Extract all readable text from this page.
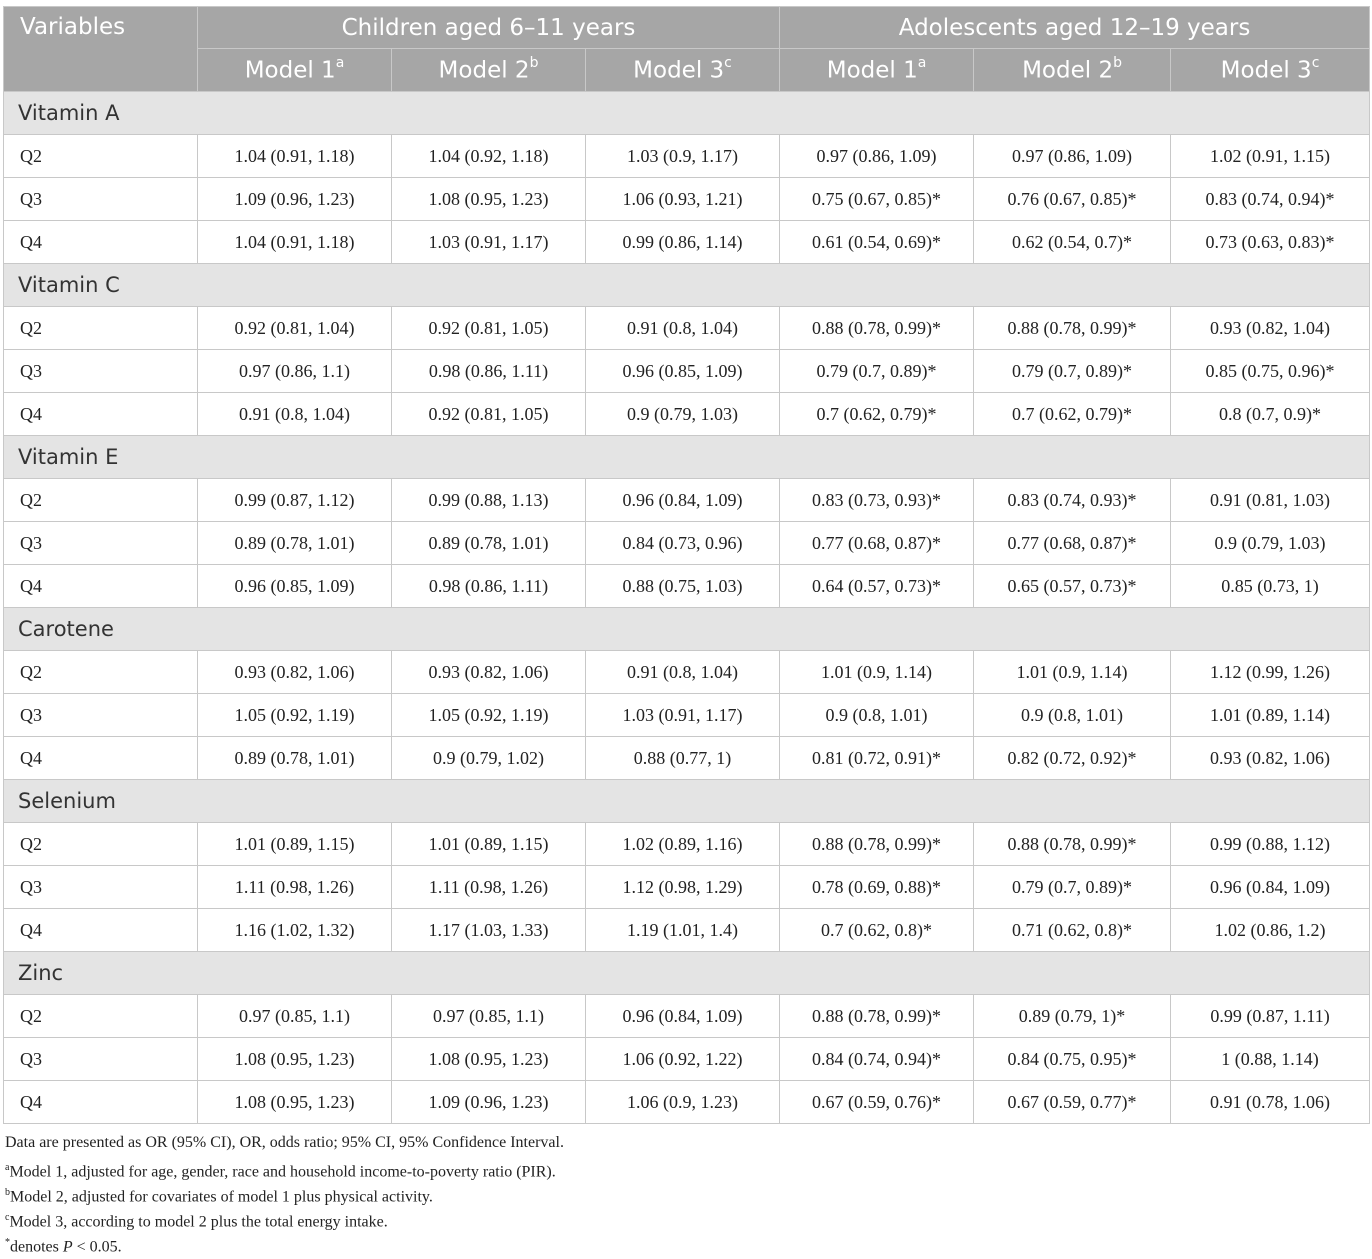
Variables	Children aged 6–11 years			Adolescents aged 12–19 years		
	Model 1$^a$	Model 2$^b$	Model 3$^c$	Model 1$^a$	Model 2$^b$	Model 3$^c$
Vitamin A						
Q2	1.04 (0.91, 1.18)	1.04 (0.92, 1.18)	1.03 (0.9, 1.17)	0.97 (0.86, 1.09)	0.97 (0.86, 1.09)	1.02 (0.91, 1.15)
Q3	1.09 (0.96, 1.23)	1.08 (0.95, 1.23)	1.06 (0.93, 1.21)	0.75 (0.67, 0.85)*	0.76 (0.67, 0.85)*	0.83 (0.74, 0.94)*
Q4	1.04 (0.91, 1.18)	1.03 (0.91, 1.17)	0.99 (0.86, 1.14)	0.61 (0.54, 0.69)*	0.62 (0.54, 0.7)*	0.73 (0.63, 0.83)*
Vitamin C						
Q2	0.92 (0.81, 1.04)	0.92 (0.81, 1.05)	0.91 (0.8, 1.04)	0.88 (0.78, 0.99)*	0.88 (0.78, 0.99)*	0.93 (0.82, 1.04)
Q3	0.97 (0.86, 1.1)	0.98 (0.86, 1.11)	0.96 (0.85, 1.09)	0.79 (0.7, 0.89)*	0.79 (0.7, 0.89)*	0.85 (0.75, 0.96)*
Q4	0.91 (0.8, 1.04)	0.92 (0.81, 1.05)	0.9 (0.79, 1.03)	0.7 (0.62, 0.79)*	0.7 (0.62, 0.79)*	0.8 (0.7, 0.9)*
Vitamin E						
Q2	0.99 (0.87, 1.12)	0.99 (0.88, 1.13)	0.96 (0.84, 1.09)	0.83 (0.73, 0.93)*	0.83 (0.74, 0.93)*	0.91 (0.81, 1.03)
Q3	0.89 (0.78, 1.01)	0.89 (0.78, 1.01)	0.84 (0.73, 0.96)	0.77 (0.68, 0.87)*	0.77 (0.68, 0.87)*	0.9 (0.79, 1.03)
Q4	0.96 (0.85, 1.09)	0.98 (0.86, 1.11)	0.88 (0.75, 1.03)	0.64 (0.57, 0.73)*	0.65 (0.57, 0.73)*	0.85 (0.73, 1)
Carotene						
Q2	0.93 (0.82, 1.06)	0.93 (0.82, 1.06)	0.91 (0.8, 1.04)	1.01 (0.9, 1.14)	1.01 (0.9, 1.14)	1.12 (0.99, 1.26)
Q3	1.05 (0.92, 1.19)	1.05 (0.92, 1.19)	1.03 (0.91, 1.17)	0.9 (0.8, 1.01)	0.9 (0.8, 1.01)	1.01 (0.89, 1.14)
Q4	0.89 (0.78, 1.01)	0.9 (0.79, 1.02)	0.88 (0.77, 1)	0.81 (0.72, 0.91)*	0.82 (0.72, 0.92)*	0.93 (0.82, 1.06)
Selenium						
Q2	1.01 (0.89, 1.15)	1.01 (0.89, 1.15)	1.02 (0.89, 1.16)	0.88 (0.78, 0.99)*	0.88 (0.78, 0.99)*	0.99 (0.88, 1.12)
Q3	1.11 (0.98, 1.26)	1.11 (0.98, 1.26)	1.12 (0.98, 1.29)	0.78 (0.69, 0.88)*	0.79 (0.7, 0.89)*	0.96 (0.84, 1.09)
Q4	1.16 (1.02, 1.32)	1.17 (1.03, 1.33)	1.19 (1.01, 1.4)	0.7 (0.62, 0.8)*	0.71 (0.62, 0.8)*	1.02 (0.86, 1.2)
Zinc						
Q2	0.97 (0.85, 1.1)	0.97 (0.85, 1.1)	0.96 (0.84, 1.09)	0.88 (0.78, 0.99)*	0.89 (0.79, 1)*	0.99 (0.87, 1.11)
Q3	1.08 (0.95, 1.23)	1.08 (0.95, 1.23)	1.06 (0.92, 1.22)	0.84 (0.74, 0.94)*	0.84 (0.75, 0.95)*	1 (0.88, 1.14)
Q4	1.08 (0.95, 1.23)	1.09 (0.96, 1.23)	1.06 (0.9, 1.23)	0.67 (0.59, 0.76)*	0.67 (0.59, 0.77)*	0.91 (0.78, 1.06)
Data are presented as OR (95% CI), OR, odds ratio; 95% CI, 95% Confidence Interval.
$^a$Model 1, adjusted for age, gender, race and household income-to-poverty ratio (PIR).
$^b$Model 2, adjusted for covariates of model 1 plus physical activity.
$^c$Model 3, according to model 2 plus the total energy intake.
*denotes P < 0.05.
